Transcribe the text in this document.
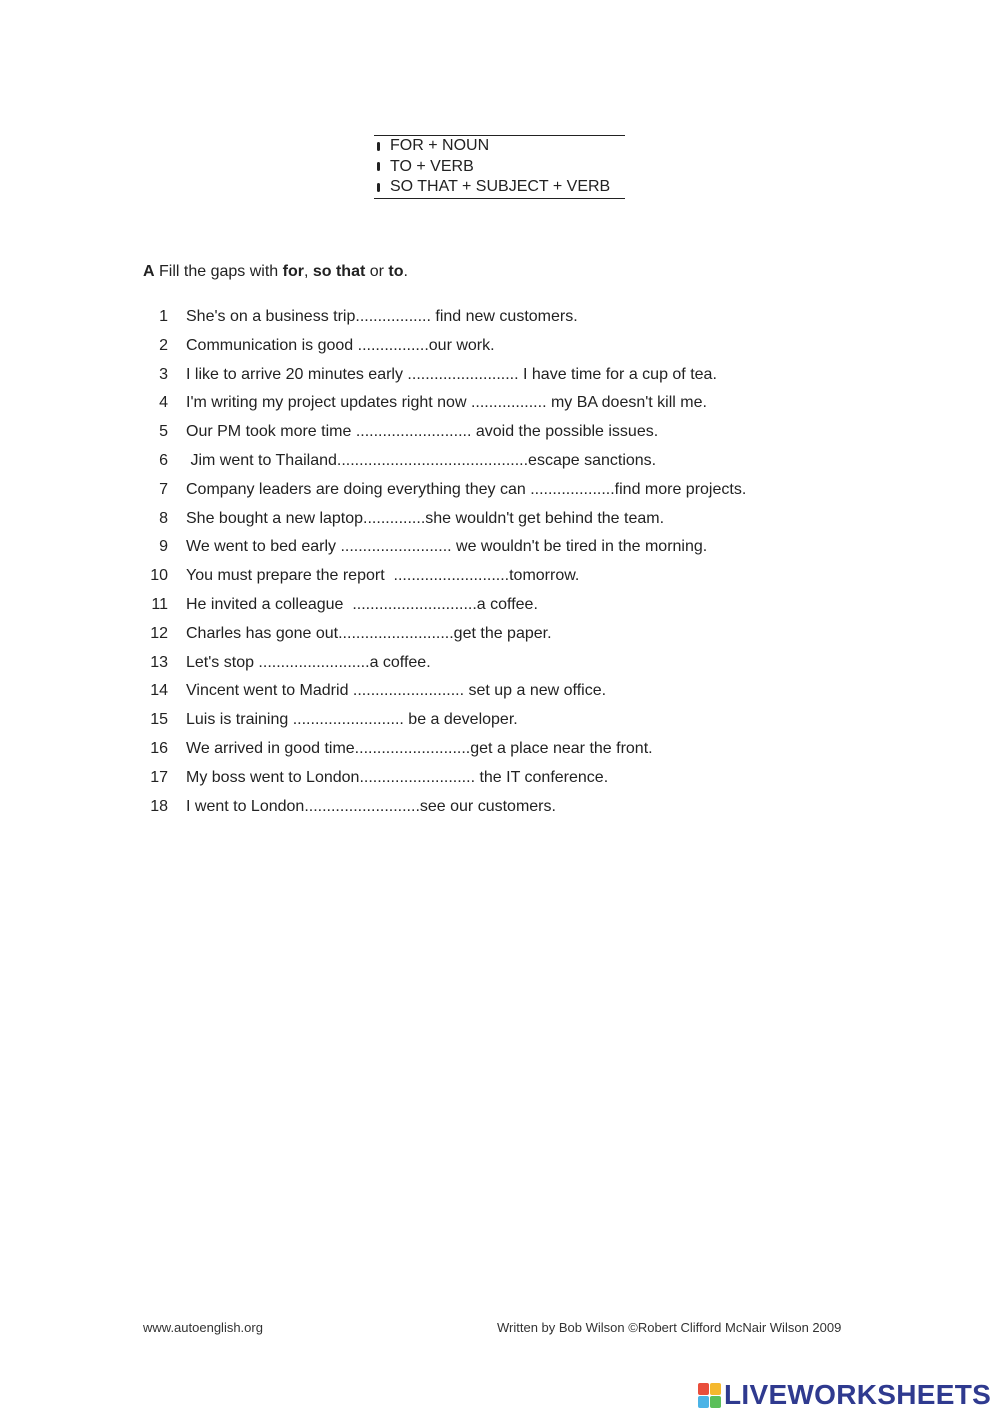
FOR + NOUN
TO + VERB
SO THAT + SUBJECT + VERB
A Fill the gaps with for, so that or to.
1 She's on a business trip................. find new customers.
2 Communication is good ................our work.
3 I like to arrive 20 minutes early ......................... I have time for a cup of tea.
4 I'm writing my project updates right now ................. my BA doesn't kill me.
5 Our PM took more time .......................... avoid the possible issues.
6 Jim went to Thailand...........................................escape sanctions.
7 Company leaders are doing everything they can ...................find more projects.
8 She bought a new laptop..............she wouldn't get behind the team.
9 We went to bed early ......................... we wouldn't be tired in the morning.
10 You must prepare the report  ..........................tomorrow.
11 He invited a colleague  ............................a coffee.
12 Charles has gone out..........................get the paper.
13 Let's stop .........................a coffee.
14 Vincent went to Madrid ......................... set up a new office.
15 Luis is training ......................... be a developer.
16 We arrived in good time..........................get a place near the front.
17 My boss went to London.......................... the IT conference.
18 I went to London..........................see our customers.
www.autoenglish.org	Written by Bob Wilson ©Robert Clifford McNair Wilson 2009
LIVEWORKSHEETS
